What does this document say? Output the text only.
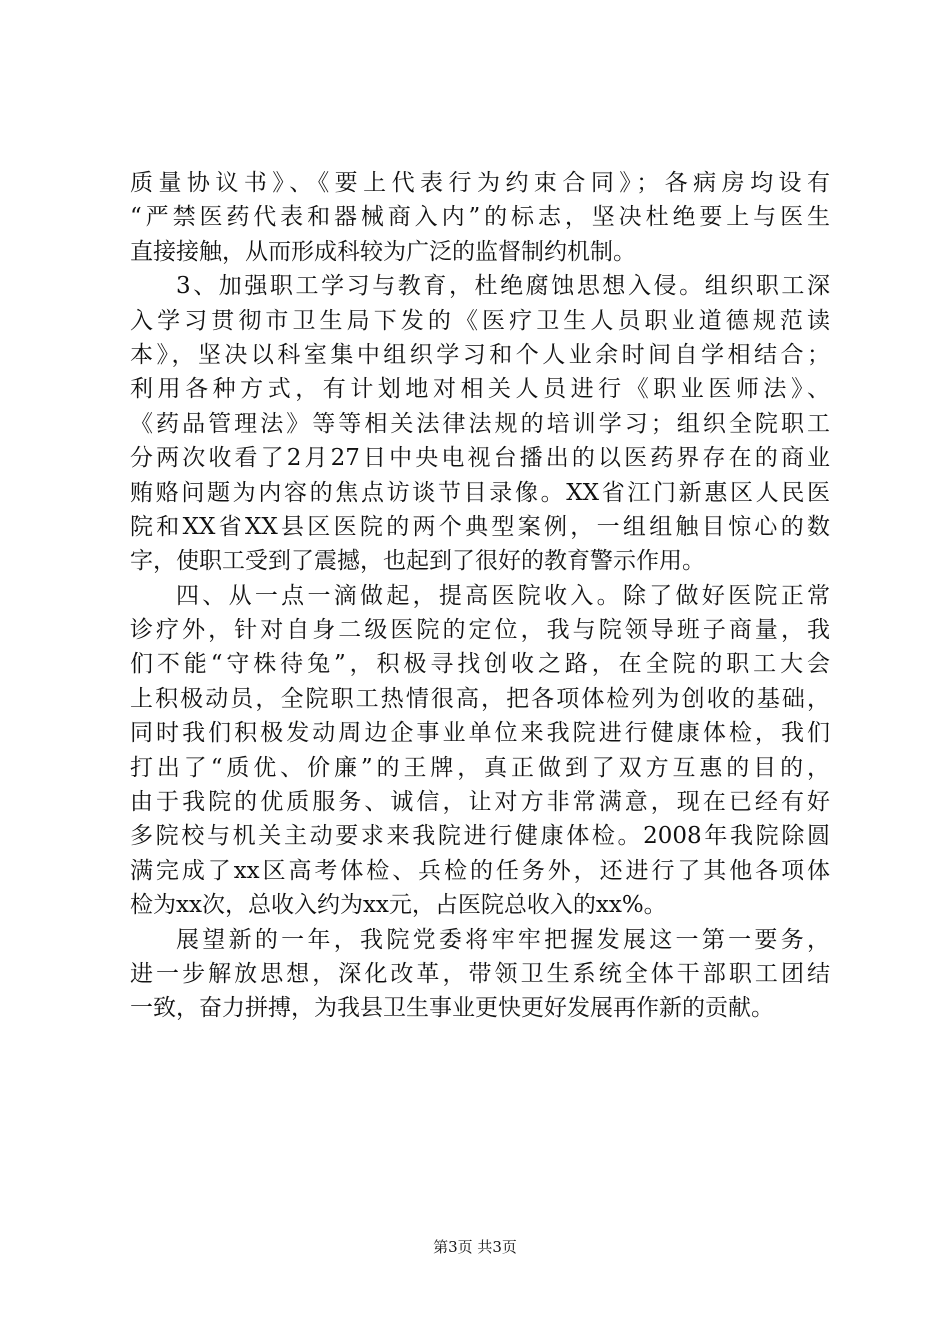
质量协议书》、《要上代表行为约束合同》；各病房均设有
“严禁医药代表和器械商入内”的标志，坚决杜绝要上与医生
直接接触，从而形成科较为广泛的监督制约机制。
3、加强职工学习与教育，杜绝腐蚀思想入侵。组织职工深
入学习贯彻市卫生局下发的《医疗卫生人员职业道德规范读
本》，坚决以科室集中组织学习和个人业余时间自学相结合；
利用各种方式，有计划地对相关人员进行《职业医师法》、
《药品管理法》等等相关法律法规的培训学习；组织全院职工
分两次收看了2月27日中央电视台播出的以医药界存在的商业
贿赂问题为内容的焦点访谈节目录像。XX省江门新惠区人民医
院和XX省XX县区医院的两个典型案例，一组组触目惊心的数
字，使职工受到了震撼，也起到了很好的教育警示作用。
四、从一点一滴做起，提高医院收入。除了做好医院正常
诊疗外，针对自身二级医院的定位，我与院领导班子商量，我
们不能“守株待兔”，积极寻找创收之路，在全院的职工大会
上积极动员，全院职工热情很高，把各项体检列为创收的基础，
同时我们积极发动周边企事业单位来我院进行健康体检，我们
打出了“质优、价廉”的王牌，真正做到了双方互惠的目的，
由于我院的优质服务、诚信，让对方非常满意，现在已经有好
多院校与机关主动要求来我院进行健康体检。2008年我院除圆
满完成了xx区高考体检、兵检的任务外，还进行了其他各项体
检为xx次，总收入约为xx元，占医院总收入的xx%。
展望新的一年，我院党委将牢牢把握发展这一第一要务，
进一步解放思想，深化改革，带领卫生系统全体干部职工团结
一致，奋力拼搏，为我县卫生事业更快更好发展再作新的贡献。
第3页 共3页
